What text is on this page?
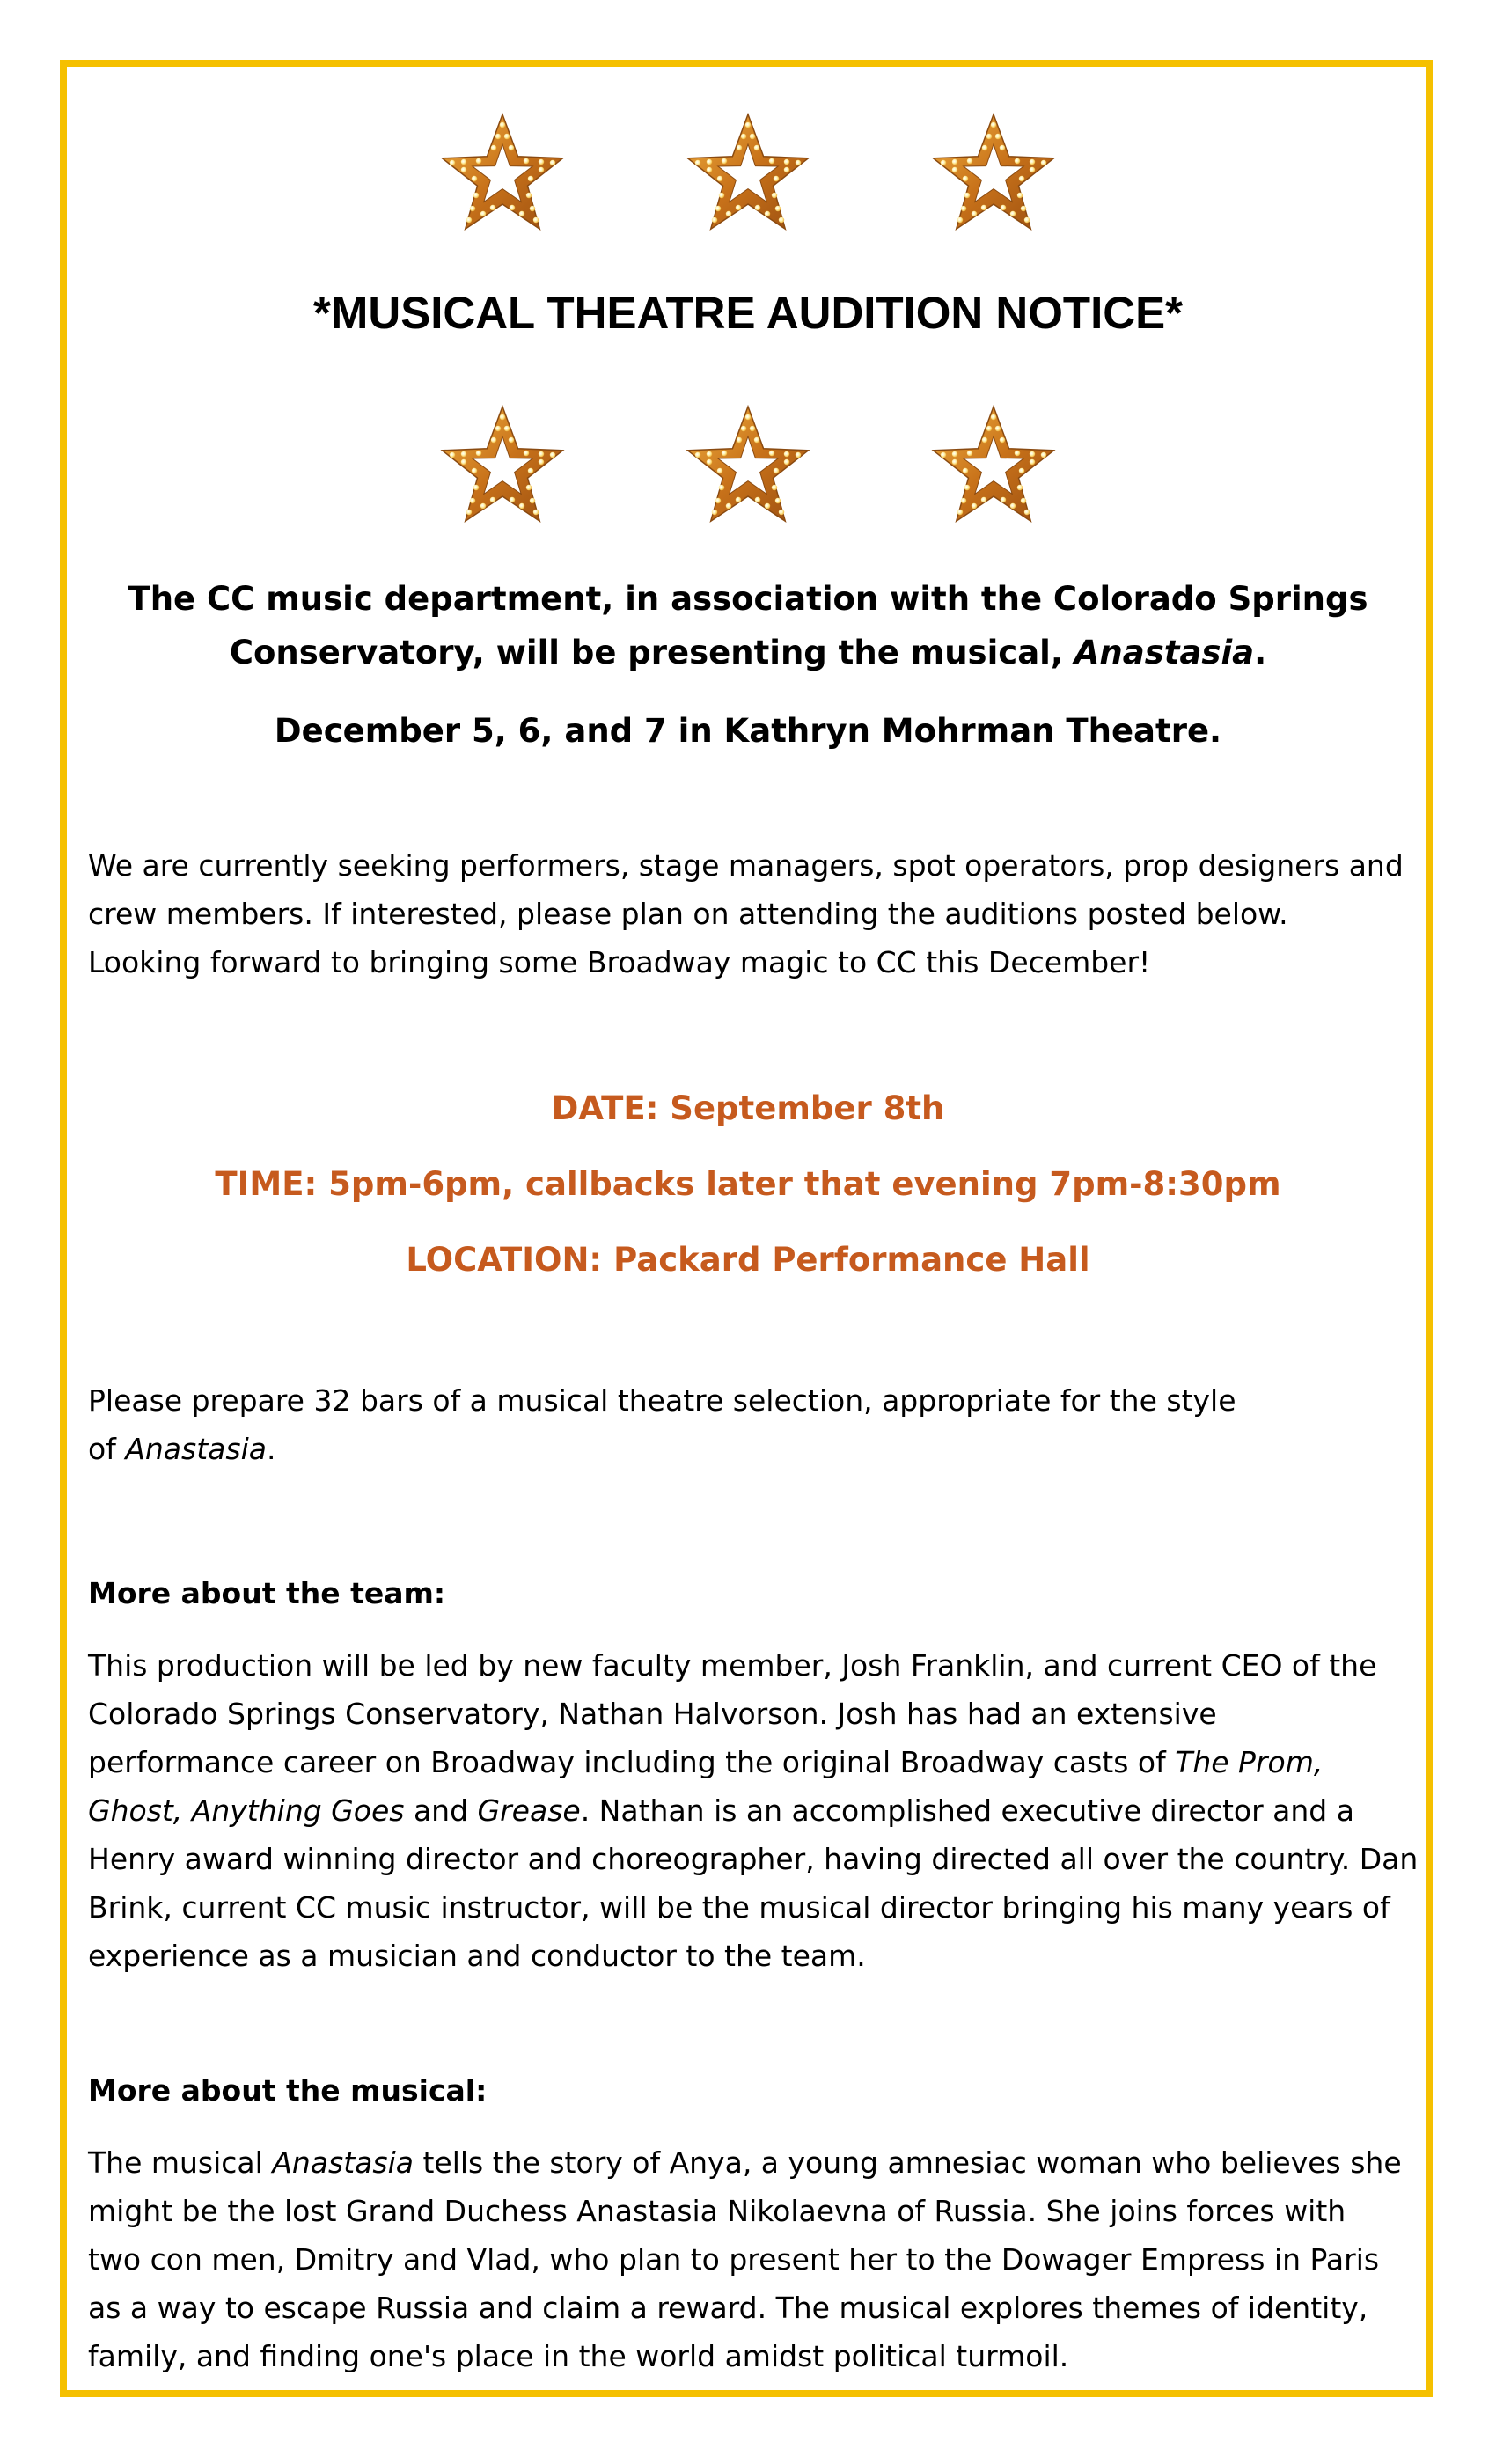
*MUSICAL THEATRE AUDITION NOTICE*

The CC music department, in association with the Colorado Springs
Conservatory, will be presenting the musical, Anastasia.

December 5, 6, and 7 in Kathryn Mohrman Theatre.

We are currently seeking performers, stage managers, spot operators, prop designers and
crew members. If interested, please plan on attending the auditions posted below.
Looking forward to bringing some Broadway magic to CC this December!

DATE: September 8th

TIME: 5pm-6pm, callbacks later that evening 7pm-8:30pm

LOCATION: Packard Performance Hall

Please prepare 32 bars of a musical theatre selection, appropriate for the style
of Anastasia.

More about the team:

This production will be led by new faculty member, Josh Franklin, and current CEO of the
Colorado Springs Conservatory, Nathan Halvorson. Josh has had an extensive
performance career on Broadway including the original Broadway casts of The Prom,
Ghost, Anything Goes and Grease. Nathan is an accomplished executive director and a
Henry award winning director and choreographer, having directed all over the country. Dan
Brink, current CC music instructor, will be the musical director bringing his many years of
experience as a musician and conductor to the team.

More about the musical:

The musical Anastasia tells the story of Anya, a young amnesiac woman who believes she
might be the lost Grand Duchess Anastasia Nikolaevna of Russia. She joins forces with
two con men, Dmitry and Vlad, who plan to present her to the Dowager Empress in Paris
as a way to escape Russia and claim a reward. The musical explores themes of identity,
family, and finding one's place in the world amidst political turmoil.
